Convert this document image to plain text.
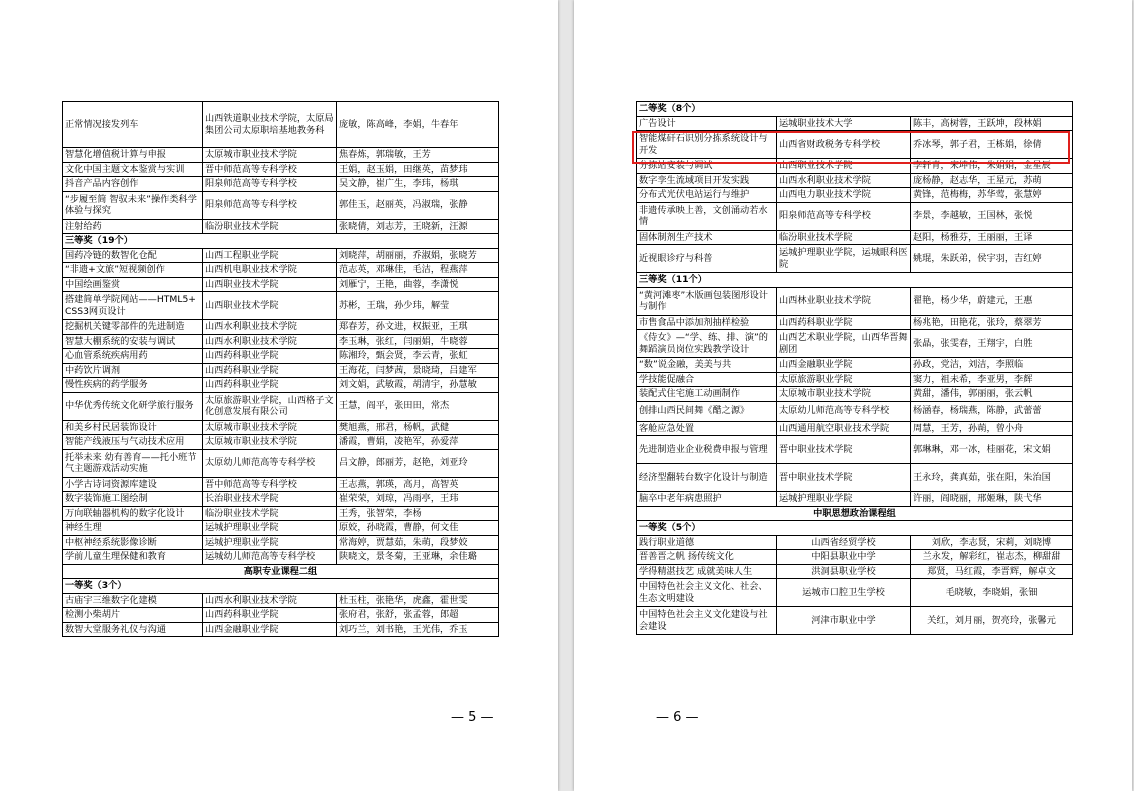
正常情况接发列车	山西铁道职业技术学院，太原局集团公司太原职培基地教务科	庞敏，陈高峰，李娟，牛春年
智慧化增值税计算与申报	太原城市职业技术学院	焦春炼，郭瑞敏，王芳
文化中国主题文本鉴赏与实训	晋中师范高等专科学校	王娟，赵玉娟，田继英，苗梦玮
抖音产品内容创作	阳泉师范高等专科学校	吴文静，崔广生，李玮，杨琪
“步履至简 智驭未来”操作类科学体验与探究	阳泉师范高等专科学校	郭佳玉，赵丽英，冯淑瑞，张静
注射给药	临汾职业技术学院	张晓倩，刘志芳，王晓新，汪源
三等奖（19个）		
国药冷链的数智化仓配	山西工程职业学院	刘晓萍，胡丽丽，乔淑娟，张晓芳
“非遗+文旅”短视频创作	山西机电职业技术学院	范志英，邓琳佳，毛洁，程燕萍
中国绘画鉴赏	山西职业技术学院	刘雁宁，王艳，曲蓉，李潇悦
搭建简单学院网站——HTML5+CSS3网页设计	山西职业技术学院	苏彬，王瑞，孙少玮，解莹
挖掘机关键零部件的先进制造	山西水利职业技术学院	郑春芳，孙文进，权振亚，王琪
智慧大棚系统的安装与调试	山西水利职业技术学院	李玉琳，张红，闫丽娟，牛晓蓉
心血管系统疾病用药	山西药科职业学院	陈湘玲，甄会贤，李云青，张虹
中药饮片调剂	山西药科职业学院	王海花，闫梦茜，景晓琦，吕建军
慢性疾病的药学服务	山西药科职业学院	刘文娟，武敏霞，胡清宇，孙慧敏
中华优秀传统文化研学旅行服务	太原旅游职业学院，山西格子文化创意发展有限公司	王慧，阎平，张田田，常杰
和美乡村民居装饰设计	太原城市职业技术学院	樊旭燕，邢君，杨帆，武健
智能产线液压与气动技术应用	太原城市职业技术学院	潘霞，曹娟，凌艳军，孙爱萍
托举未来 幼有善育——托小班节气主题游戏活动实施	太原幼儿师范高等专科学校	吕文静，郎丽芳，赵艳，刘亚玲
小学古诗词资源库建设	晋中师范高等专科学校	王志燕，郭瑛，高月，高智英
数字装饰施工图绘制	长治职业技术学院	崔荣荣，刘琼，冯雨亭，王玮
万向联轴器机构的数字化设计	临汾职业技术学院	王秀，张智荣，李杨
神经生理	运城护理职业学院	原姣，孙晓霞，曹静，何文佳
中枢神经系统影像诊断	运城护理职业学院	常海婷，贾慧茹，朱萌，段梦姣
学前儿童生理保健和教育	运城幼儿师范高等专科学校	陕晓文，景冬菊，王亚琳，余佳璐
高职专业课程二组		
一等奖（3个）		
古庙宇三维数字化建模	山西水利职业技术学院	杜玉柱，张艳华，虎鑫，霍世雯
检测小柴胡片	山西药科职业学院	张府君，张舒，张孟蓉，郎超
数智大堂服务礼仪与沟通	山西金融职业学院	刘巧兰，刘书艳，王光伟，乔玉
— 5 —
二等奖（8个）		
广告设计	运城职业技术大学	陈丰，高树蓉，王跃坤，段林娟
智能煤矸石识别分拣系统设计与开发	山西省财政税务专科学校	乔冰琴，郭子君，王栋娟，徐倩
分拣站安装与调试	山西职业技术学院	李轩青，宋坤伟，朱娟娟，金星辰
数字孪生流域项目开发实践	山西水利职业技术学院	庞杨静，赵志华，王星元，苏萌
分布式光伏电站运行与维护	山西电力职业技术学院	黄锋，范梅梅，苏华莺，张慧婷
非遗传承映上善，文创涌动若水情	阳泉师范高等专科学校	李景，李越敏，王国林，张悦
固体制剂生产技术	临汾职业技术学院	赵阳，杨雅芬，王丽丽，王译
近视眼诊疗与科普	运城护理职业学院，运城眼科医院	姚琨，朱跃弟，侯宇羽，吉红婷
三等奖（11个）		
“黄河滩枣”木版画包装图形设计与制作	山西林业职业技术学院	翟艳，杨少华，蔚建元，王惠
市售食品中添加剂抽样检验	山西药科职业学院	杨兆艳，田艳花，张玲，蔡翠芳
《侍女》—“学、练、排、演”的舞蹈演员岗位实践教学设计	山西艺术职业学院，山西华晋舞剧团	张晶，张雯春，王翔宇，白胜
“数”说金融，美美与共	山西金融职业学院	孙政，党洁，刘洁，李照临
学技能促融合	太原旅游职业学院	窦力，祖未希，李亚男，李辉
装配式住宅施工动画制作	太原城市职业技术学院	黄甜，潘伟，郭丽丽，张云帆
创排山西民间舞《醋之源》	太原幼儿师范高等专科学校	杨涵春，杨瑞燕，陈静，武蕾蕾
客舱应急处置	山西通用航空职业技术学院	周慧，王芳，孙蒴，曾小舟
先进制造业企业税费申报与管理	晋中职业技术学院	郭琳琳，邓一冰，桂丽花，宋文娟
经济型翻转台数字化设计与制造	晋中职业技术学院	王永玲，龚真茹，张在阳，朱治国
脑卒中老年病患照护	运城护理职业学院	许丽，阎晓丽，邢姬琳，陕弋华
中职思想政治课程组		
一等奖（5个）		
践行职业道德	山西省经贸学校	刘欣，李志贤，宋莉，刘晓博
晋善晋之帆 扬传统文化	中阳县职业中学	兰永发，解彩红，崔志杰，柳甜甜
学得精湛技艺 成就美味人生	洪洞县职业学校	郑贤，马红霞，李晋辉，解卓文
中国特色社会主义文化、社会、生态文明建设	运城市口腔卫生学校	毛晓敏，李晓娟，张钿
中国特色社会主义文化建设与社会建设	河津市职业中学	关红，刘月丽，贺亮玲，张馨元
— 6 —
